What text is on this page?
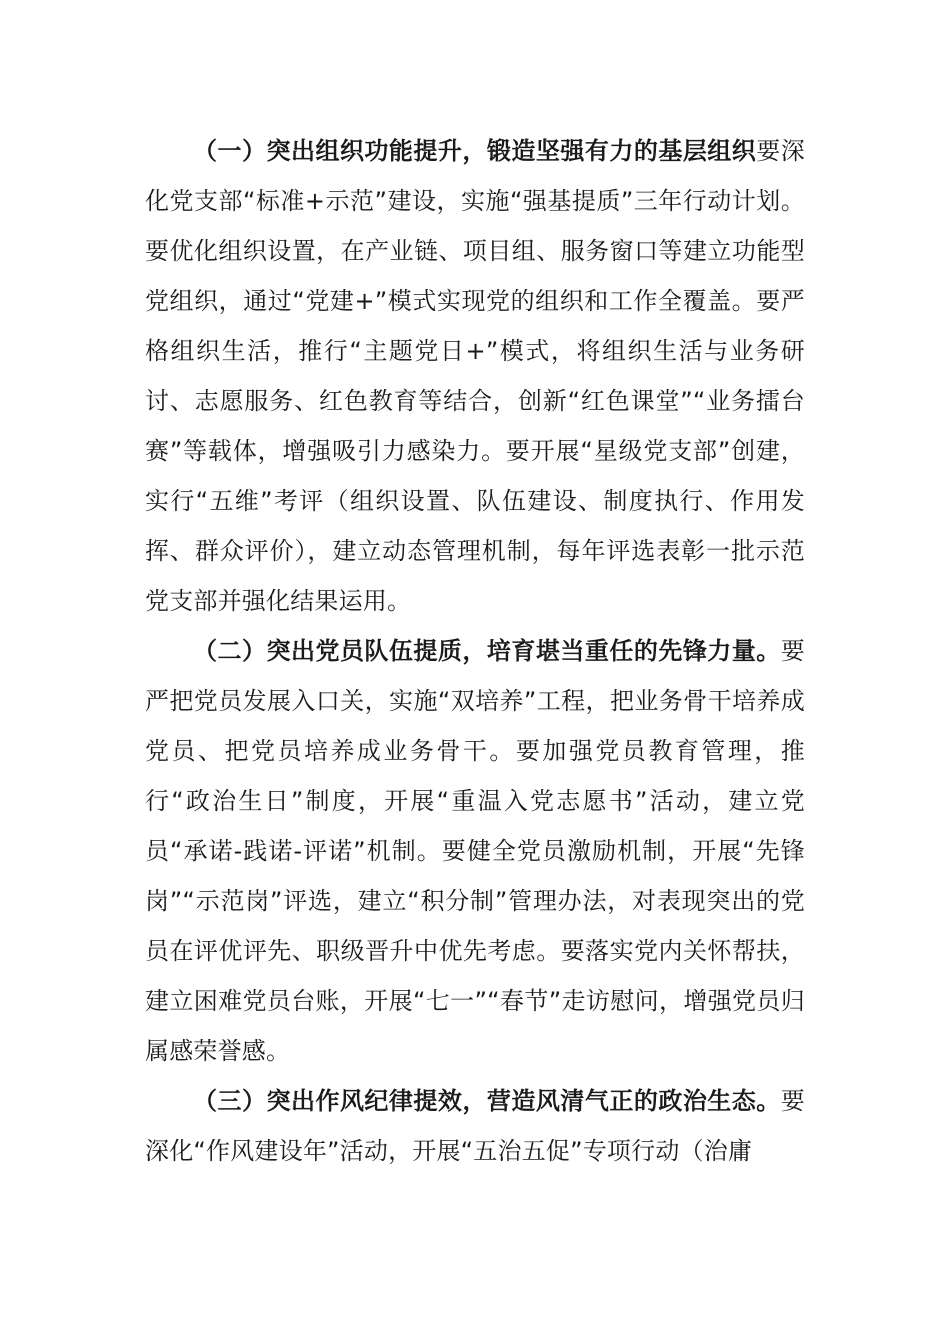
（一）突出组织功能提升，锻造坚强有力的基层组织要深化党支部“标准+示范”建设，实施“强基提质”三年行动计划。要优化组织设置，在产业链、项目组、服务窗口等建立功能型党组织，通过“党建+”模式实现党的组织和工作全覆盖。要严格组织生活，推行“主题党日+”模式，将组织生活与业务研讨、志愿服务、红色教育等结合，创新“红色课堂”“业务擂台赛”等载体，增强吸引力感染力。要开展“星级党支部”创建，实行“五维”考评（组织设置、队伍建设、制度执行、作用发挥、群众评价），建立动态管理机制，每年评选表彰一批示范党支部并强化结果运用。

（二）突出党员队伍提质，培育堪当重任的先锋力量。要严把党员发展入口关，实施“双培养”工程，把业务骨干培养成党员、把党员培养成业务骨干。要加强党员教育管理，推行“政治生日”制度，开展“重温入党志愿书”活动，建立党员“承诺-践诺-评诺”机制。要健全党员激励机制，开展“先锋岗”“示范岗”评选，建立“积分制”管理办法，对表现突出的党员在评优评先、职级晋升中优先考虑。要落实党内关怀帮扶，建立困难党员台账，开展“七一”“春节”走访慰问，增强党员归属感荣誉感。

（三）突出作风纪律提效，营造风清气正的政治生态。要深化“作风建设年”活动，开展“五治五促”专项行动（治庸
